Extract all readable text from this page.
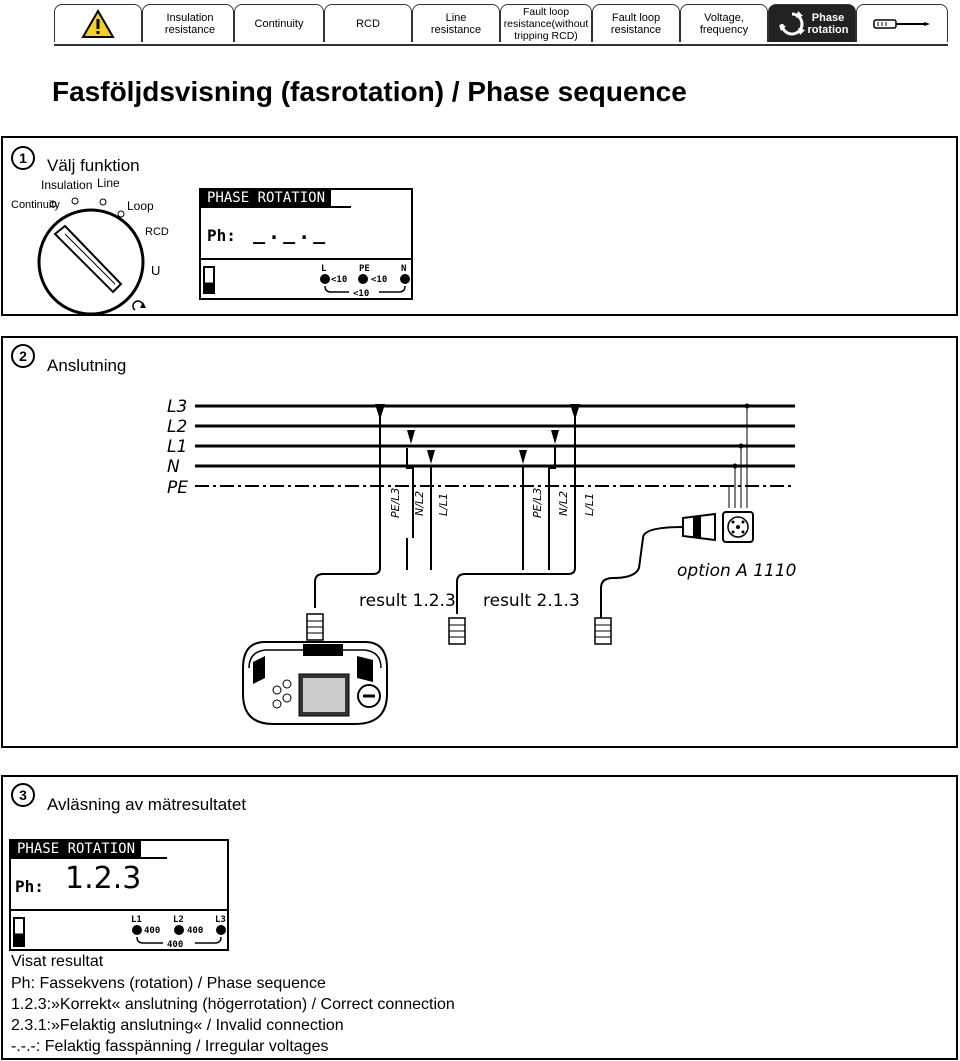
Insulation resistance	Continuity	RCD	Line resistance
Fault loop resistance(without tripping RCD)
Fault loop resistance
Voltage, frequency
Phase rotation
Fasföljdsvisning (fasrotation) / Phase sequence
1	Välj funktion
Insulation Line
Continuity	Loop
RCD
U
PHASE ROTATION
Ph: _._._
L	PE	N
<10	<10
<10
2	Anslutning
L3
L2
L1
N
PE	PE/L3 N/L2 L/L1	PE/L3 N/L2 L/L1
result 1.2.3 result 2.1.3
option A 1110
3	Avläsning av mätresultatet
PHASE ROTATION
Ph: 1.2.3
L1	L2	L3
400	400
400
Visat resultat
Ph: Fassekvens (rotation) / Phase sequence
1.2.3:»Korrekt« anslutning (högerrotation) / Correct connection
2.3.1:»Felaktig anslutning« / Invalid connection
-.-.-: Felaktig fasspänning / Irregular voltages
